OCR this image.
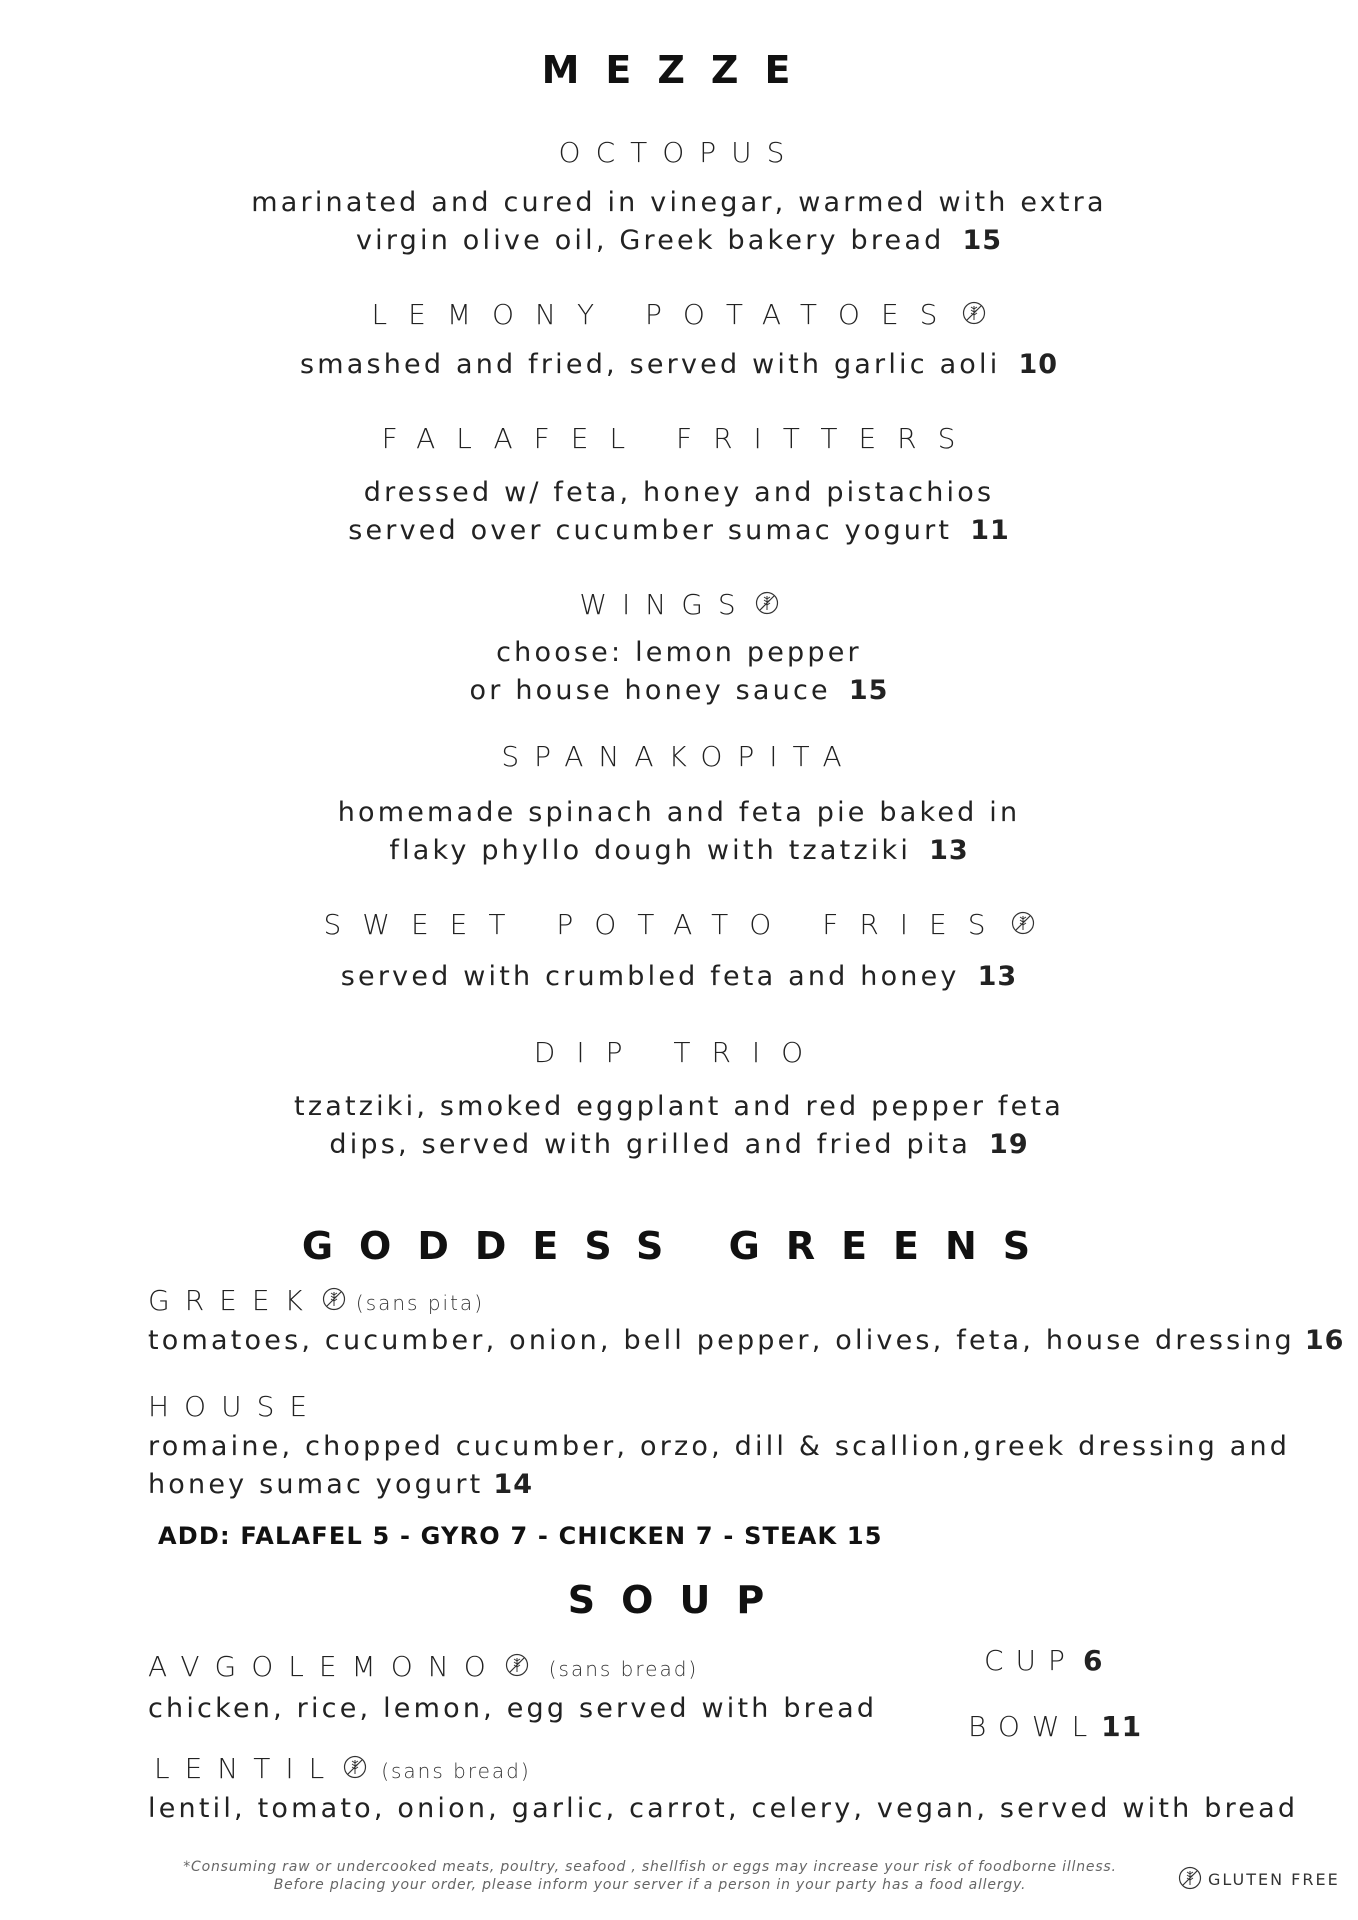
MEZZE
OCTOPUS
marinated and cured in vinegar, warmed with extra
virgin olive oil, Greek bakery bread 15
LEMONY POTATOES
smashed and fried, served with garlic aoli 10
FALAFEL FRITTERS
dressed w/ feta, honey and pistachios
served over cucumber sumac yogurt 11
WINGS
choose: lemon pepper
or house honey sauce 15
SPANAKOPITA
homemade spinach and feta pie baked in
flaky phyllo dough with tzatziki 13
SWEET POTATO FRIES
served with crumbled feta and honey 13
DIP TRIO
tzatziki, smoked eggplant and red pepper feta
dips, served with grilled and fried pita 19
GODDESS GREENS
GREEK (sans pita)
tomatoes, cucumber, onion, bell pepper, olives, feta, house dressing 16
HOUSE
romaine, chopped cucumber, orzo, dill & scallion,greek dressing and
honey sumac yogurt 14
ADD: FALAFEL 5 - GYRO 7 - CHICKEN 7 - STEAK 15
SOUP
AVGOLEMONO (sans bread)
chicken, rice, lemon, egg served with bread
CUP 6
BOWL11
LENTIL (sans bread)
lentil, tomato, onion, garlic, carrot, celery, vegan, served with bread
*Consuming raw or undercooked meats, poultry, seafood , shellfish or eggs may increase your risk of foodborne illness.
Before placing your order, please inform your server if a person in your party has a food allergy.	GLUTEN FREE
